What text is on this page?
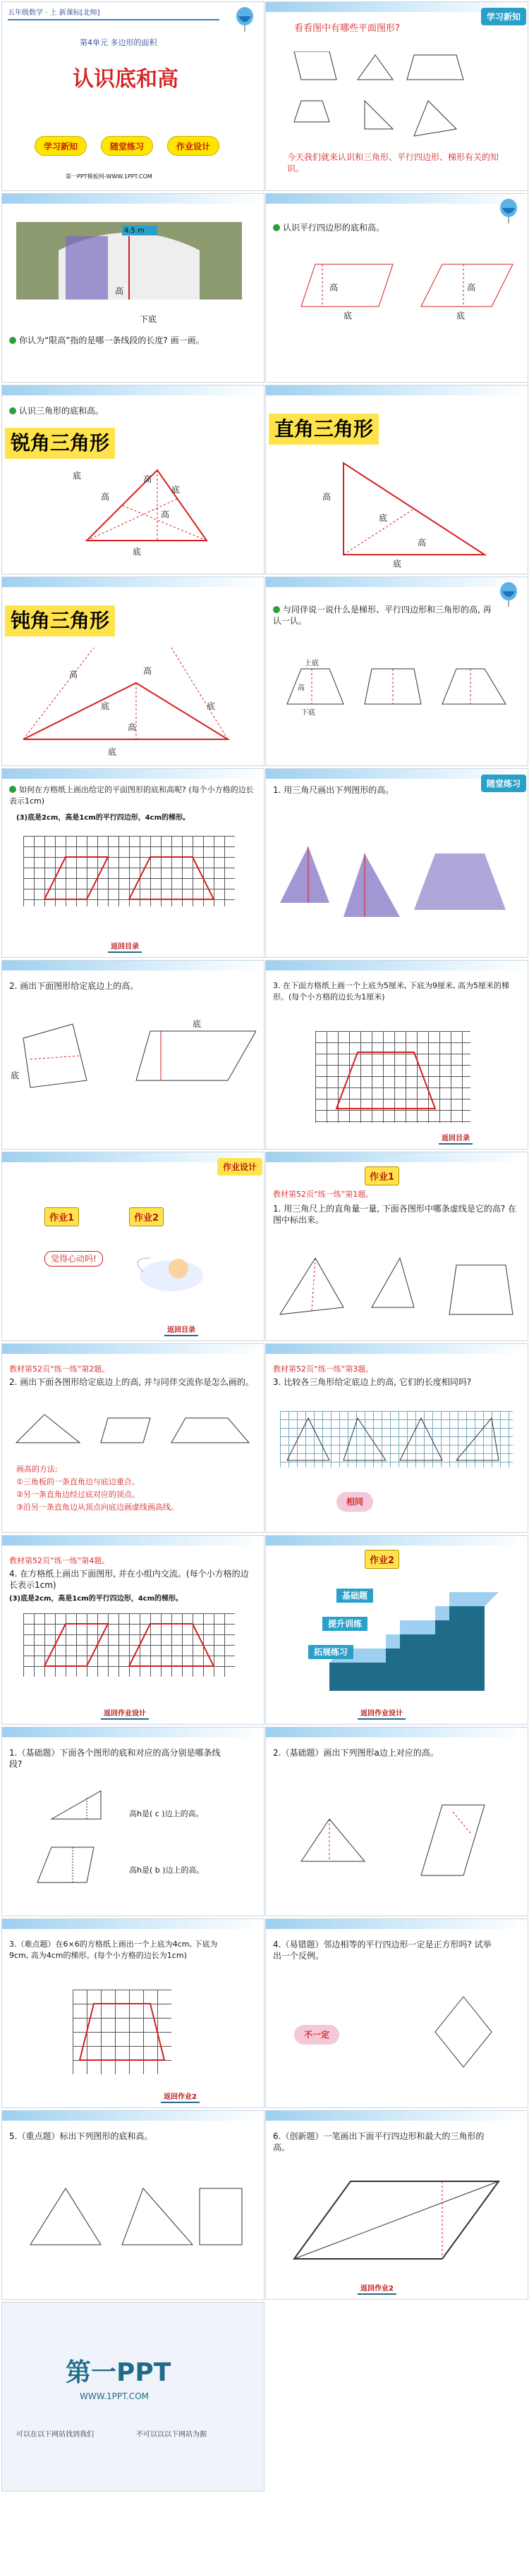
五年级数学 · 上 新课标[北师]
第4单元 多边形的面积
认识底和高
学习新知	随堂练习	作业设计
第一PPT模板网-WWW.1PPT.COM
学习新知
看看图中有哪些平面图形?
今天我们就来认识和三角形、平行四边形、梯形有关的知识。
4.5 m
高
下底
你认为“限高”指的是哪一条线段的长度? 画一画。
认识平行四边形的底和高。
高
底
高
底
认识三角形的底和高。
锐角三角形
底
高
高
底
高
底
直角三角形
高
底
高
底
钝角三角形
高	高
底	底
高
底
与同伴说一说什么是梯形、平行四边形和三角形的高, 再认一认。
上底
高
下底
如何在方格纸上画出给定的平面图形的底和高呢? (每个小方格的边长表示1cm)
(3)底是2cm，高是1cm的平行四边形，4cm的梯形。
返回目录
随堂练习
1. 用三角尺画出下列图形的高。
2. 画出下面图形给定底边上的高。
底
底
3. 在下面方格纸上画一个上底为5厘米, 下底为9厘米, 高为5厘米的梯形。(每个小方格的边长为1厘米)
返回目录
作业设计
作业1	作业2
觉得心动吗!
返回目录
作业1
教材第52页“练一练”第1题。
1. 用三角尺上的直角量一量, 下面各图形中哪条虚线是它的高? 在图中标出来。
教材第52页“练一练”第2题。
2. 画出下面各图形给定底边上的高, 并与同伴交流你是怎么画的。
画高的方法:
①三角板的一条直角边与底边重合。
②另一条直角边经过底对应的顶点。
③沿另一条直角边从顶点向底边画虚线画高线。
教材第52页“练一练”第3题。
3. 比较各三角形给定底边上的高, 它们的长度相同吗?
相同
教材第52页“练一练”第4题。
4. 在方格纸上画出下面图形, 并在小组内交流。(每个小方格的边长表示1cm)
(3)底是2cm，高是1cm的平行四边形，4cm的梯形。
返回作业设计
作业2
基础题
提升训练
拓展练习
返回作业设计
1.（基础题）下面各个图形的底和对应的高分别是哪条线段?
高h是( c )边上的高。
高h是( b )边上的高。
2.（基础题）画出下列图形a边上对应的高。
3.（难点题）在6×6的方格纸上画出一个上底为4cm, 下底为9cm, 高为4cm的梯形。(每个小方格的边长为1cm)
返回作业2
4.（易错题）邻边相等的平行四边形一定是正方形吗? 试举出一个反例。
不一定
5.（重点题）标出下列图形的底和高。	6.（创新题）一笔画出下面平行四边形和最大的三角形的高。
返回作业2
第一PPT
WWW.1PPT.COM
可以在以下网站找到我们	不可以以以下网站为据
